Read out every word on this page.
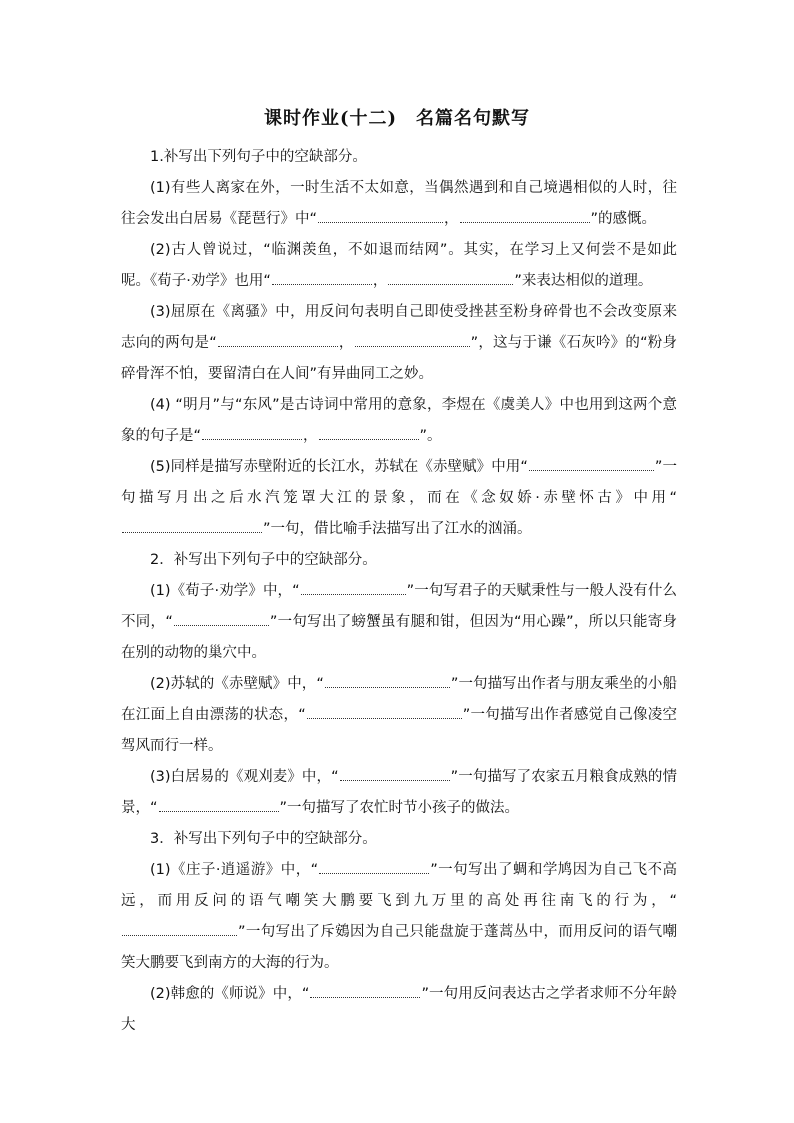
课时作业(十二)　名篇名句默写

1.补写出下列句子中的空缺部分。

(1)有些人离家在外，一时生活不太如意，当偶然遇到和自己境遇相似的人时，往往会发出白居易《琵琶行》中“	，	”的感慨。

(2)古人曾说过，“临渊羡鱼，不如退而结网”。其实，在学习上又何尝不是如此呢。《荀子·劝学》也用“	，	”来表达相似的道理。

(3)屈原在《离骚》中，用反问句表明自己即使受挫甚至粉身碎骨也不会改变原来志向的两句是“	，	”，这与于谦《石灰吟》的“粉身碎骨浑不怕，要留清白在人间”有异曲同工之妙。

(4) “明月”与“东风”是古诗词中常用的意象，李煜在《虞美人》中也用到这两个意象的句子是“	，	”。

(5)同样是描写赤壁附近的长江水，苏轼在《赤壁赋》中用“	”一句描写月出之后水汽笼罩大江的景象，而在《念奴娇·赤壁怀古》中用“”一句，借比喻手法描写出了江水的汹涌。

2．补写出下列句子中的空缺部分。

(1)《荀子·劝学》中，“	”一句写君子的天赋秉性与一般人没有什么不同，“	”一句写出了螃蟹虽有腿和钳，但因为“用心躁”，所以只能寄身在别的动物的巢穴中。

(2)苏轼的《赤壁赋》中，“	”一句描写出作者与朋友乘坐的小船在江面上自由漂荡的状态，“	”一句描写出作者感觉自己像凌空驾风而行一样。

(3)白居易的《观刈麦》中，“	”一句描写了农家五月粮食成熟的情景，“	”一句描写了农忙时节小孩子的做法。

3．补写出下列句子中的空缺部分。

(1)《庄子·逍遥游》中，“	”一句写出了蜩和学鸠因为自己飞不高远，而用反问的语气嘲笑大鹏要飞到九万里的高处再往南飞的行为，“”一句写出了斥鴳因为自己只能盘旋于蓬蒿丛中，而用反问的语气嘲笑大鹏要飞到南方的大海的行为。

(2)韩愈的《师说》中，“	”一句用反问表达古之学者求师不分年龄大
